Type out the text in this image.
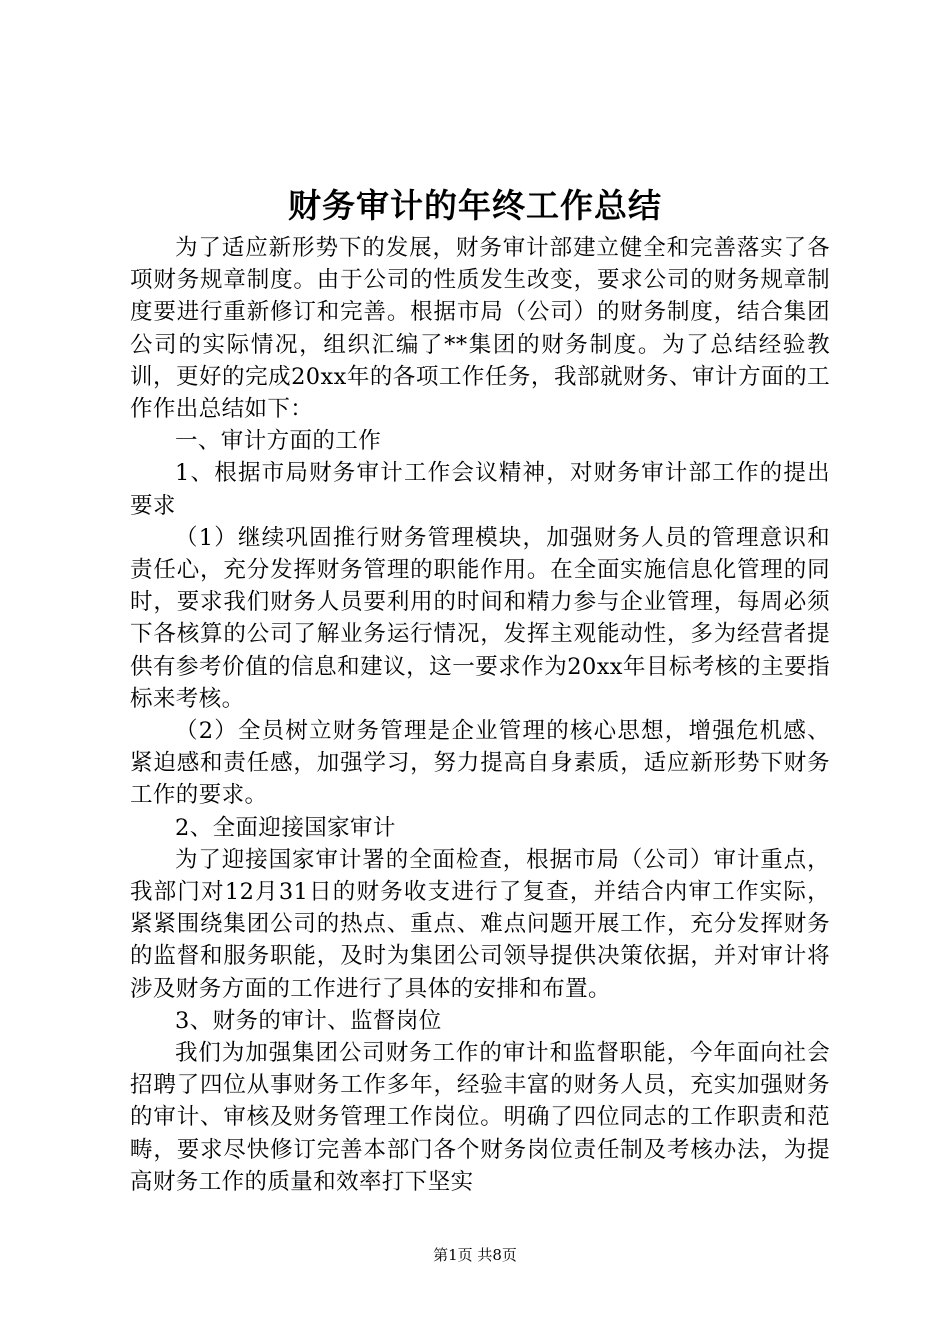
财务审计的年终工作总结

为了适应新形势下的发展，财务审计部建立健全和完善落实了各项财务规章制度。由于公司的性质发生改变，要求公司的财务规章制度要进行重新修订和完善。根据市局（公司）的财务制度，结合集团公司的实际情况，组织汇编了**集团的财务制度。为了总结经验教训，更好的完成20xx年的各项工作任务，我部就财务、审计方面的工作作出总结如下：

一、审计方面的工作

1、根据市局财务审计工作会议精神，对财务审计部工作的提出要求

（1）继续巩固推行财务管理模块，加强财务人员的管理意识和责任心，充分发挥财务管理的职能作用。在全面实施信息化管理的同时，要求我们财务人员要利用的时间和精力参与企业管理，每周必须下各核算的公司了解业务运行情况，发挥主观能动性，多为经营者提供有参考价值的信息和建议，这一要求作为20xx年目标考核的主要指标来考核。

（2）全员树立财务管理是企业管理的核心思想，增强危机感、紧迫感和责任感，加强学习，努力提高自身素质，适应新形势下财务工作的要求。

2、全面迎接国家审计

为了迎接国家审计署的全面检查，根据市局（公司）审计重点，我部门对12月31日的财务收支进行了复查，并结合内审工作实际，紧紧围绕集团公司的热点、重点、难点问题开展工作，充分发挥财务的监督和服务职能，及时为集团公司领导提供决策依据，并对审计将涉及财务方面的工作进行了具体的安排和布置。

3、财务的审计、监督岗位

我们为加强集团公司财务工作的审计和监督职能，今年面向社会招聘了四位从事财务工作多年，经验丰富的财务人员，充实加强财务的审计、审核及财务管理工作岗位。明确了四位同志的工作职责和范畴，要求尽快修订完善本部门各个财务岗位责任制及考核办法，为提高财务工作的质量和效率打下坚实

第1页 共8页
